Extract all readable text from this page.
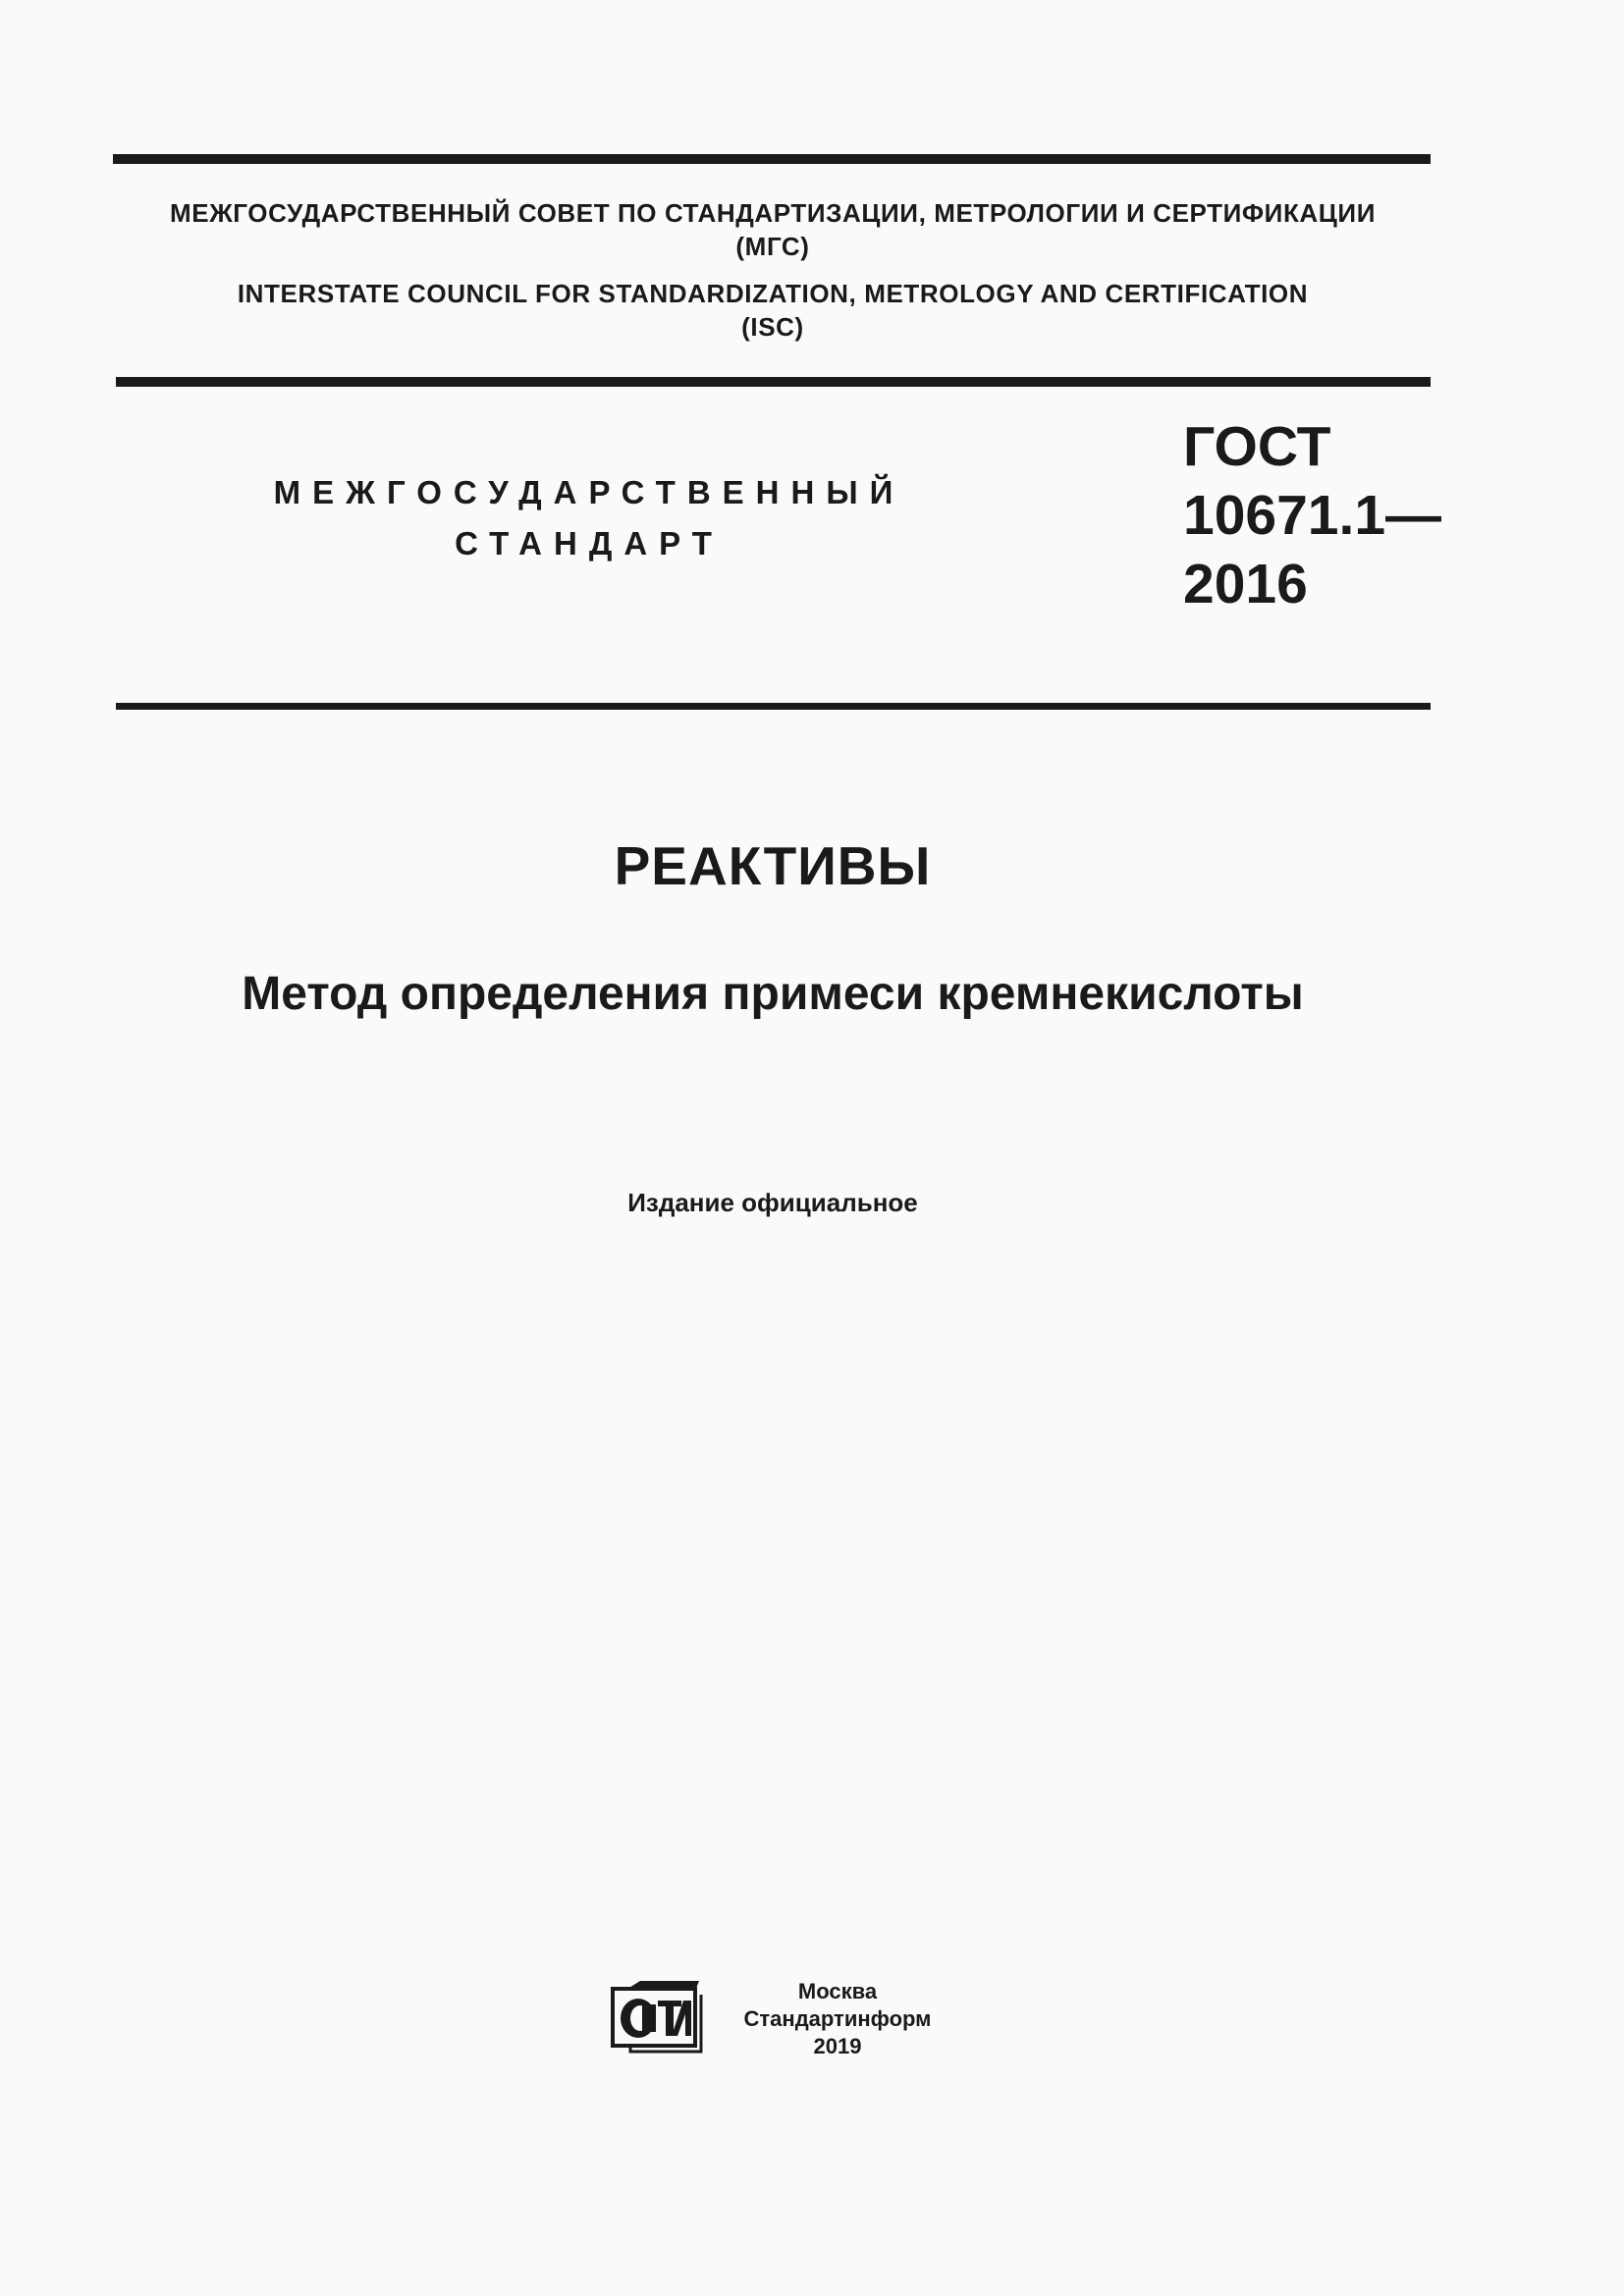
МЕЖГОСУДАРСТВЕННЫЙ СОВЕТ ПО СТАНДАРТИЗАЦИИ, МЕТРОЛОГИИ И СЕРТИФИКАЦИИ
(МГС)
INTERSTATE COUNCIL FOR STANDARDIZATION, METROLOGY AND CERTIFICATION
(ISC)
МЕЖГОСУДАРСТВЕННЫЙ
СТАНДАРТ
ГОСТ
10671.1—
2016
РЕАКТИВЫ
Метод определения примеси кремнекислоты
Издание официальное
Москва
Стандартинформ
2019
